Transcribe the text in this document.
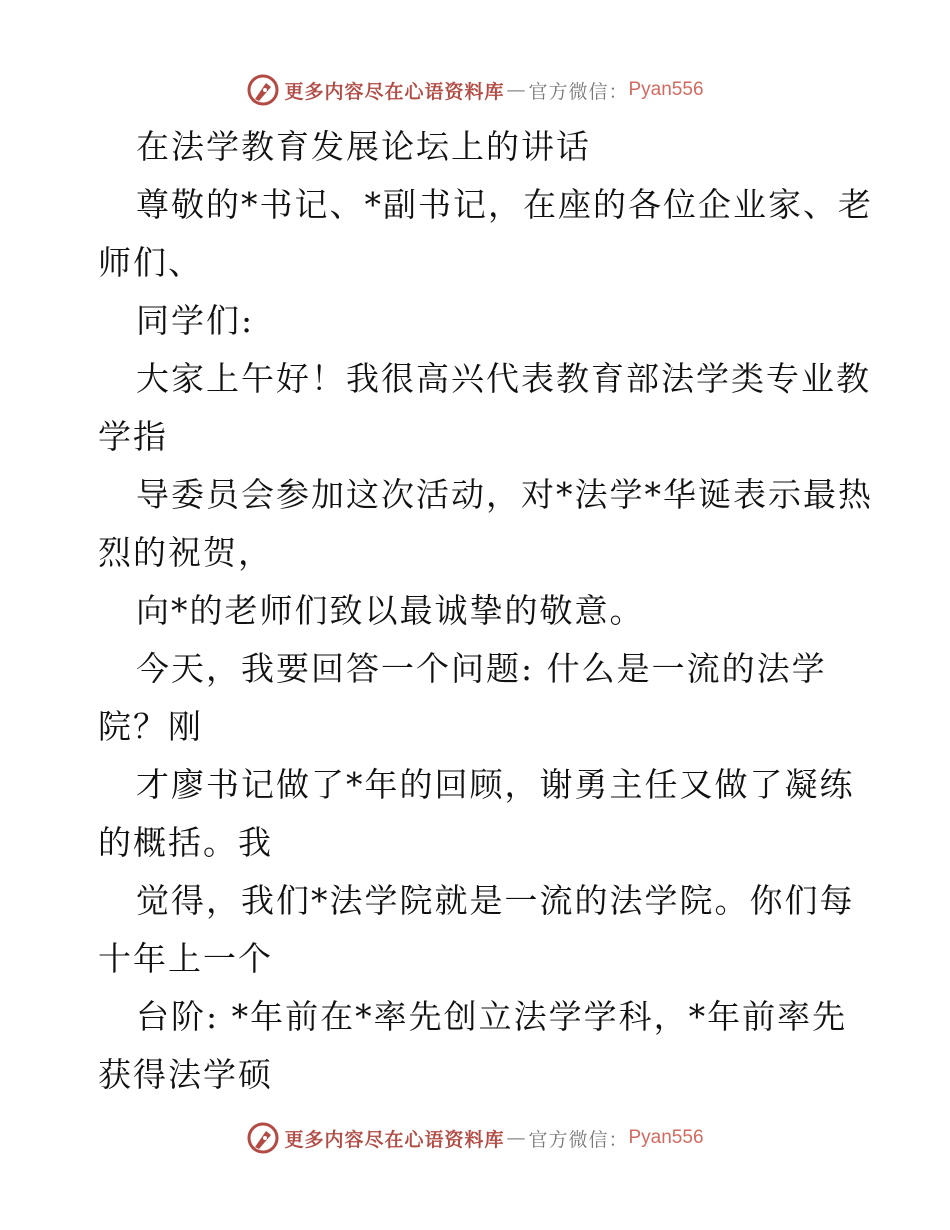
更多内容尽在心语资料库 — 官方微信： Pyan556
在法学教育发展论坛上的讲话
尊敬的*书记、*副书记，在座的各位企业家、老
师们、
同学们:
大家上午好！我很高兴代表教育部法学类专业教
学指
导委员会参加这次活动，对*法学*华诞表示最热
烈的祝贺，
向*的老师们致以最诚挚的敬意。
今天，我要回答一个问题: 什么是一流的法学
院？刚
才廖书记做了*年的回顾，谢勇主任又做了凝练
的概括。我
觉得，我们*法学院就是一流的法学院。你们每
十年上一个
台阶: *年前在*率先创立法学学科，*年前率先
获得法学硕
更多内容尽在心语资料库 — 官方微信： Pyan556
